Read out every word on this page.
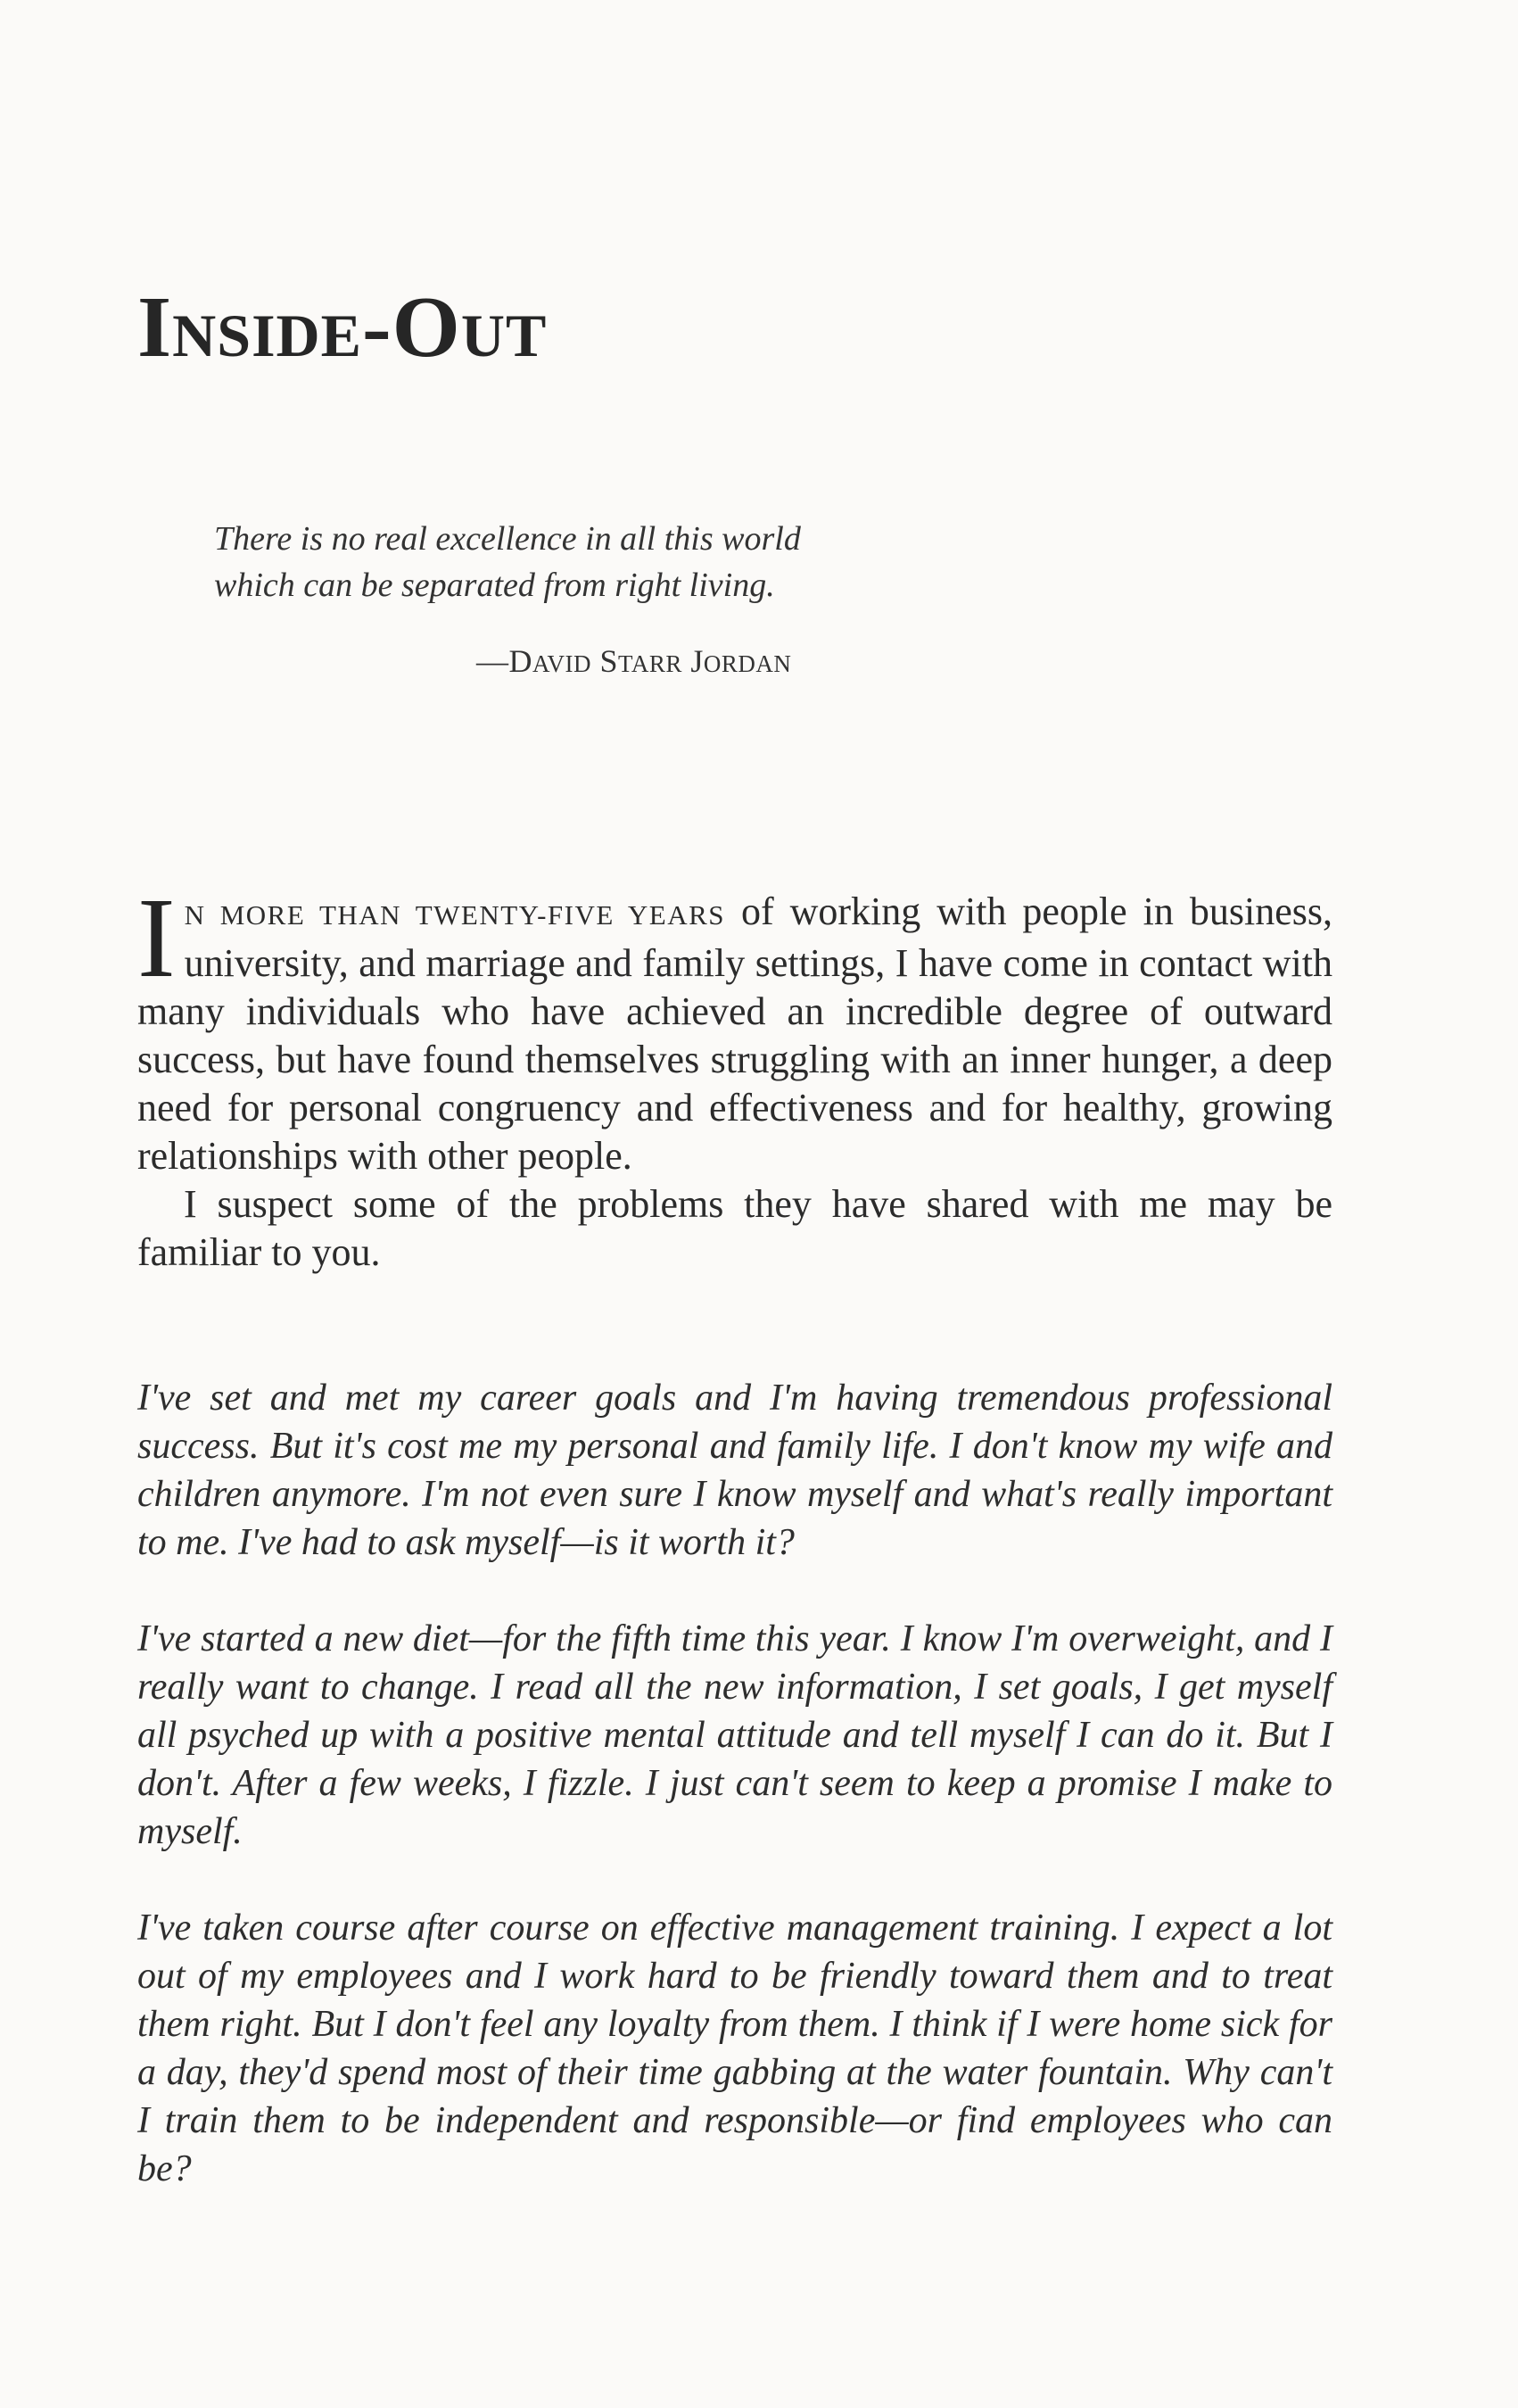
INSIDE-OUT

There is no real excellence in all this world

which can be separated from right living.

—DAVID STARR JORDAN

I N MORE THAN TWENTY-FIVE YEARS of working with people in business, university, and marriage and family settings, I have come in contact with many individuals who have achieved an incredible degree of outward success, but have found themselves struggling with an inner hunger, a deep need for personal congruency and effectiveness and for healthy, growing relationships with other people.

I suspect some of the problems they have shared with me may be familiar to you.

I've set and met my career goals and I'm having tremendous professional success. But it's cost me my personal and family life. I don't know my wife and children anymore. I'm not even sure I know myself and what's really important to me. I've had to ask myself—is it worth it?

I've started a new diet—for the fifth time this year. I know I'm overweight, and I really want to change. I read all the new information, I set goals, I get myself all psyched up with a positive mental attitude and tell myself I can do it. But I don't. After a few weeks, I fizzle. I just can't seem to keep a promise I make to myself.

I've taken course after course on effective management training. I expect a lot out of my employees and I work hard to be friendly toward them and to treat them right. But I don't feel any loyalty from them. I think if I were home sick for a day, they'd spend most of their time gabbing at the water fountain. Why can't I train them to be independent and responsible—or find employees who can be?
